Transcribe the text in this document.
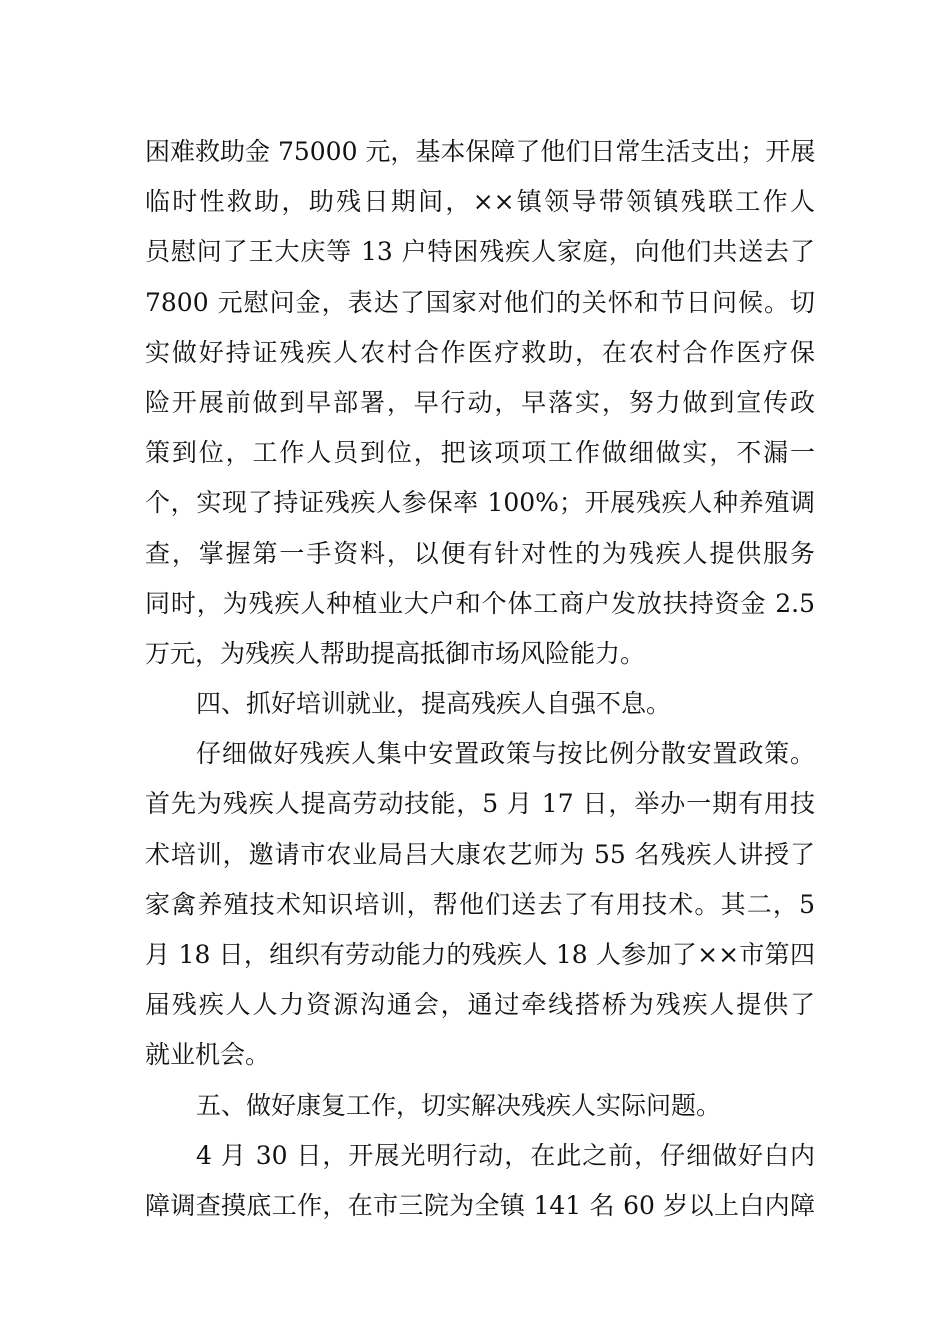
困难救助金 75000 元，基本保障了他们日常生活支出；开展
临时性救助，助残日期间，××镇领导带领镇残联工作人
员慰问了王大庆等 13 户特困残疾人家庭，向他们共送去了
7800 元慰问金，表达了国家对他们的关怀和节日问候。切
实做好持证残疾人农村合作医疗救助，在农村合作医疗保
险开展前做到早部署，早行动，早落实，努力做到宣传政
策到位，工作人员到位，把该项项工作做细做实，不漏一
个，实现了持证残疾人参保率 100%；开展残疾人种养殖调
查，掌握第一手资料，以便有针对性的为残疾人提供服务
同时，为残疾人种植业大户和个体工商户发放扶持资金 2.5
万元，为残疾人帮助提高抵御市场风险能力。
四、抓好培训就业，提高残疾人自强不息。
仔细做好残疾人集中安置政策与按比例分散安置政策。
首先为残疾人提高劳动技能，5 月 17 日，举办一期有用技
术培训，邀请市农业局吕大康农艺师为 55 名残疾人讲授了
家禽养殖技术知识培训，帮他们送去了有用技术。其二，5
月 18 日，组织有劳动能力的残疾人 18 人参加了××市第四
届残疾人人力资源沟通会，通过牵线搭桥为残疾人提供了
就业机会。
五、做好康复工作，切实解决残疾人实际问题。
4 月 30 日，开展光明行动，在此之前，仔细做好白内
障调查摸底工作，在市三院为全镇 141 名 60 岁以上白内障
